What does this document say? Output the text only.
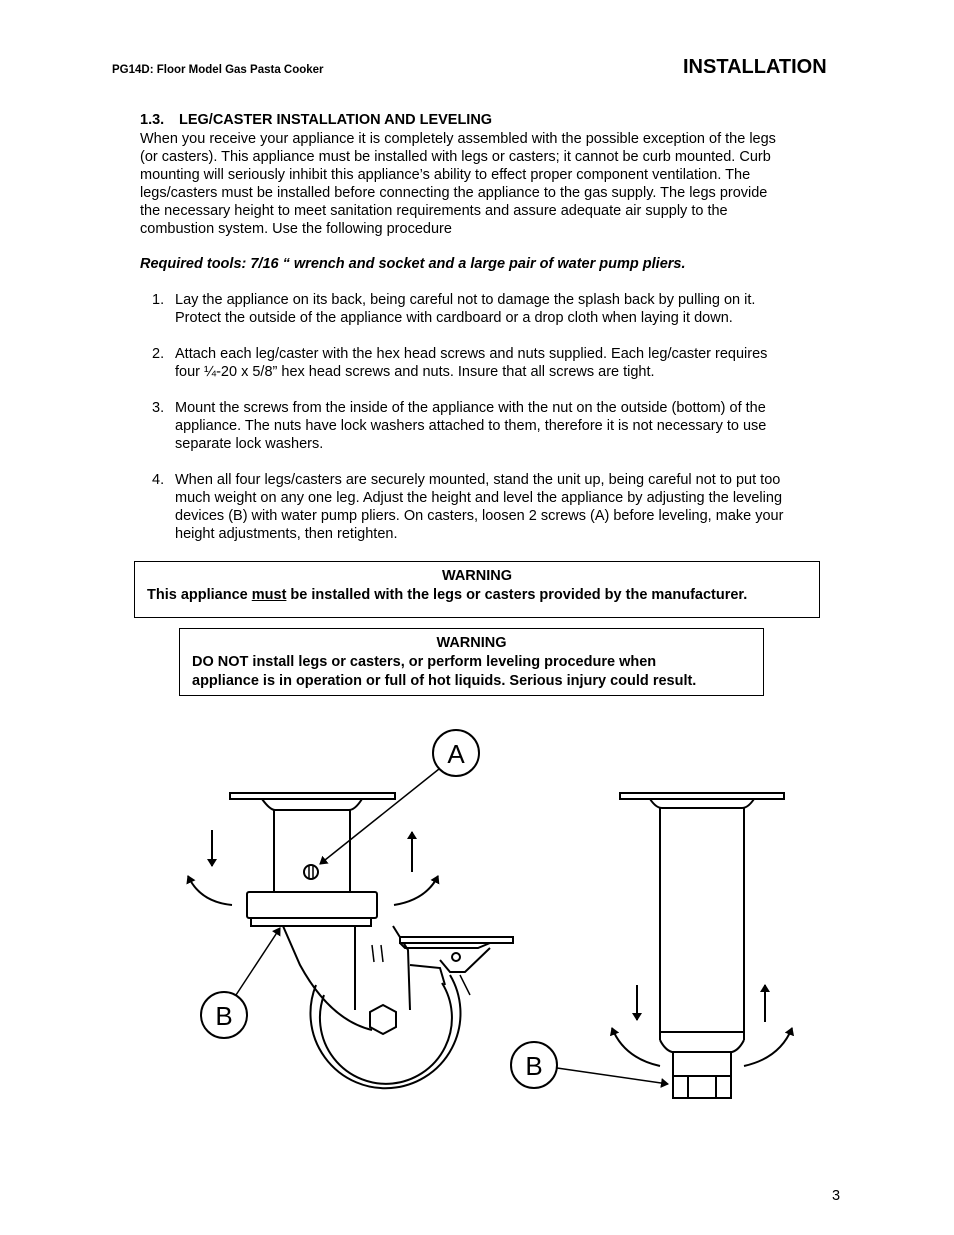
PG14D: Floor Model Gas Pasta Cooker	INSTALLATION
1.3. LEG/CASTER INSTALLATION AND LEVELING
When you receive your appliance it is completely assembled with the possible exception of the legs
(or casters). This appliance must be installed with legs or casters; it cannot be curb mounted. Curb
mounting will seriously inhibit this appliance’s ability to effect proper component ventilation. The
legs/casters must be installed before connecting the appliance to the gas supply. The legs provide
the necessary height to meet sanitation requirements and assure adequate air supply to the
combustion system. Use the following procedure
Required tools: 7/16 “ wrench and socket and a large pair of water pump pliers.
1. Lay the appliance on its back, being careful not to damage the splash back by pulling on it.
Protect the outside of the appliance with cardboard or a drop cloth when laying it down.
2. Attach each leg/caster with the hex head screws and nuts supplied. Each leg/caster requires
four ¼-20 x 5/8” hex head screws and nuts. Insure that all screws are tight.
3. Mount the screws from the inside of the appliance with the nut on the outside (bottom) of the
appliance. The nuts have lock washers attached to them, therefore it is not necessary to use
separate lock washers.
4. When all four legs/casters are securely mounted, stand the unit up, being careful not to put too
much weight on any one leg. Adjust the height and level the appliance by adjusting the leveling
devices (B) with water pump pliers. On casters, loosen 2 screws (A) before leveling, make your
height adjustments, then retighten.
WARNING
This appliance must be installed with the legs or casters provided by the manufacturer.
WARNING
DO NOT install legs or casters, or perform leveling procedure when
appliance is in operation or full of hot liquids. Serious injury could result.
A
B
B
3
